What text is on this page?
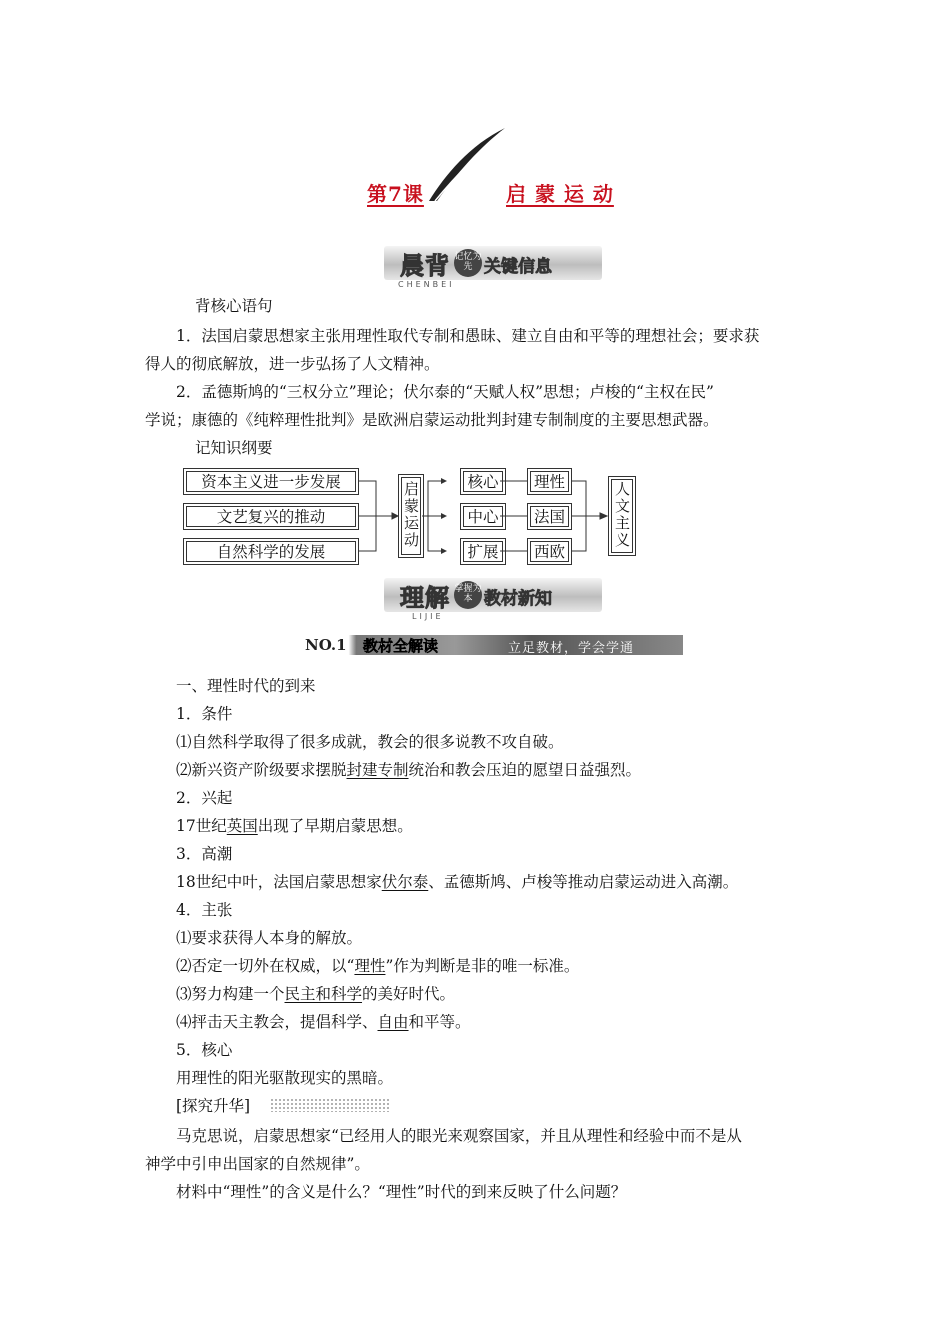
第7课	启 蒙 运 动
晨背 记忆为先 关键信息
CHENBEI
背核心语句
1．法国启蒙思想家主张用理性取代专制和愚昧、建立自由和平等的理想社会；要求获
得人的彻底解放，进一步弘扬了人文精神。
2．孟德斯鸠的“三权分立”理论；伏尔泰的“天赋人权”思想；卢梭的“主权在民”
学说；康德的《纯粹理性批判》是欧洲启蒙运动批判封建专制制度的主要思想武器。
记知识纲要
资本主义进一步发展
文艺复兴的推动
自然科学的发展
启蒙运动	核心
中心
扩展
理性
法国
西欧
人文主义
理解 掌握为本 教材新知
LIJIE
NO.1 教材全解读	立足教材，学会学通
一、理性时代的到来
1．条件
⑴自然科学取得了很多成就，教会的很多说教不攻自破。
⑵新兴资产阶级要求摆脱封建专制统治和教会压迫的愿望日益强烈。
2．兴起
17世纪英国出现了早期启蒙思想。
3．高潮
18世纪中叶，法国启蒙思想家伏尔泰、孟德斯鸠、卢梭等推动启蒙运动进入高潮。
4．主张
⑴要求获得人本身的解放。
⑵否定一切外在权威，以“理性”作为判断是非的唯一标准。
⑶努力构建一个民主和科学的美好时代。
⑷抨击天主教会，提倡科学、自由和平等。
5．核心
用理性的阳光驱散现实的黑暗。
[探究升华]
马克思说，启蒙思想家“已经用人的眼光来观察国家，并且从理性和经验中而不是从
神学中引申出国家的自然规律”。
材料中“理性”的含义是什么？“理性”时代的到来反映了什么问题？
